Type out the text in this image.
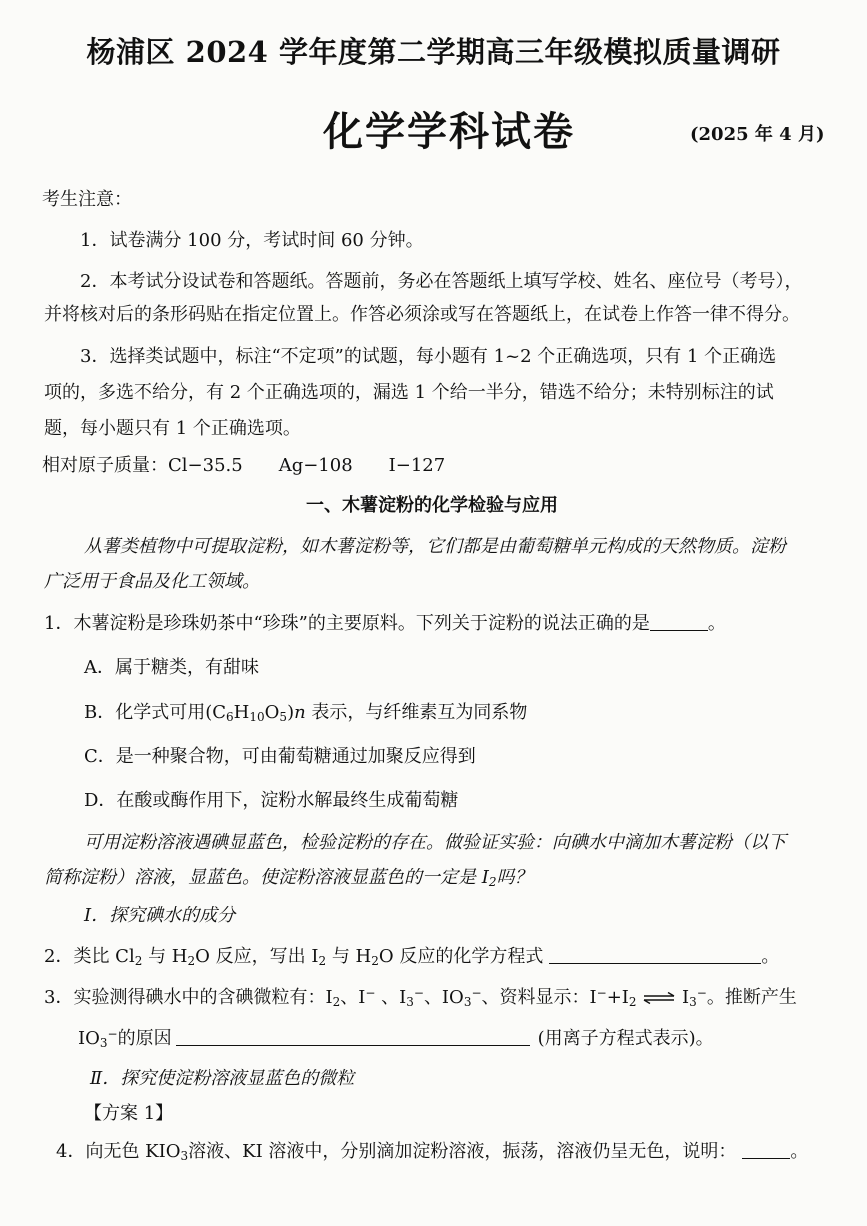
杨浦区 2024 学年度第二学期高三年级模拟质量调研
化学学科试卷	(2025 年 4 月)
考生注意：
1．试卷满分 100 分，考试时间 60 分钟。
2．本考试分设试卷和答题纸。答题前，务必在答题纸上填写学校、姓名、座位号（考号），
并将核对后的条形码贴在指定位置上。作答必须涂或写在答题纸上，在试卷上作答一律不得分。
3．选择类试题中，标注“不定项”的试题，每小题有 1~2 个正确选项，只有 1 个正确选
项的，多选不给分，有 2 个正确选项的，漏选 1 个给一半分，错选不给分；未特别标注的试
题，每小题只有 1 个正确选项。
相对原子质量：Cl−35.5　　Ag−108　　I−127
一、木薯淀粉的化学检验与应用
从薯类植物中可提取淀粉，如木薯淀粉等，它们都是由葡萄糖单元构成的天然物质。淀粉
广泛用于食品及化工领域。
1．木薯淀粉是珍珠奶茶中“珍珠”的主要原料。下列关于淀粉的说法正确的是	。
A．属于糖类，有甜味
B．化学式可用$(C_6H_{10}O_5)n$ 表示，与纤维素互为同系物
C．是一种聚合物，可由葡萄糖通过加聚反应得到
D．在酸或酶作用下，淀粉水解最终生成葡萄糖
可用淀粉溶液遇碘显蓝色，检验淀粉的存在。做验证实验：向碘水中滴加木薯淀粉（以下
简称淀粉）溶液，显蓝色。使淀粉溶液显蓝色的一定是 $I_2$吗？
Ⅰ．探究碘水的成分
2．类比 $Cl_2$ 与 $H_2O$ 反应，写出 $I_2$ 与 $H_2O$ 反应的化学方程式	。
3．实验测得碘水中的含碘微粒有：$I_2$、I− 、$I_3^-$、$IO_3^-$、资料显示：$I^-+I_2$ ⇌ $I_3^-$。推断产生
$IO_3^-$的原因	(用离子方程式表示)。
Ⅱ．探究使淀粉溶液显蓝色的微粒
【方案 1】
4．向无色 $KIO_3$溶液、KI 溶液中，分别滴加淀粉溶液，振荡，溶液仍呈无色，说明：	。
